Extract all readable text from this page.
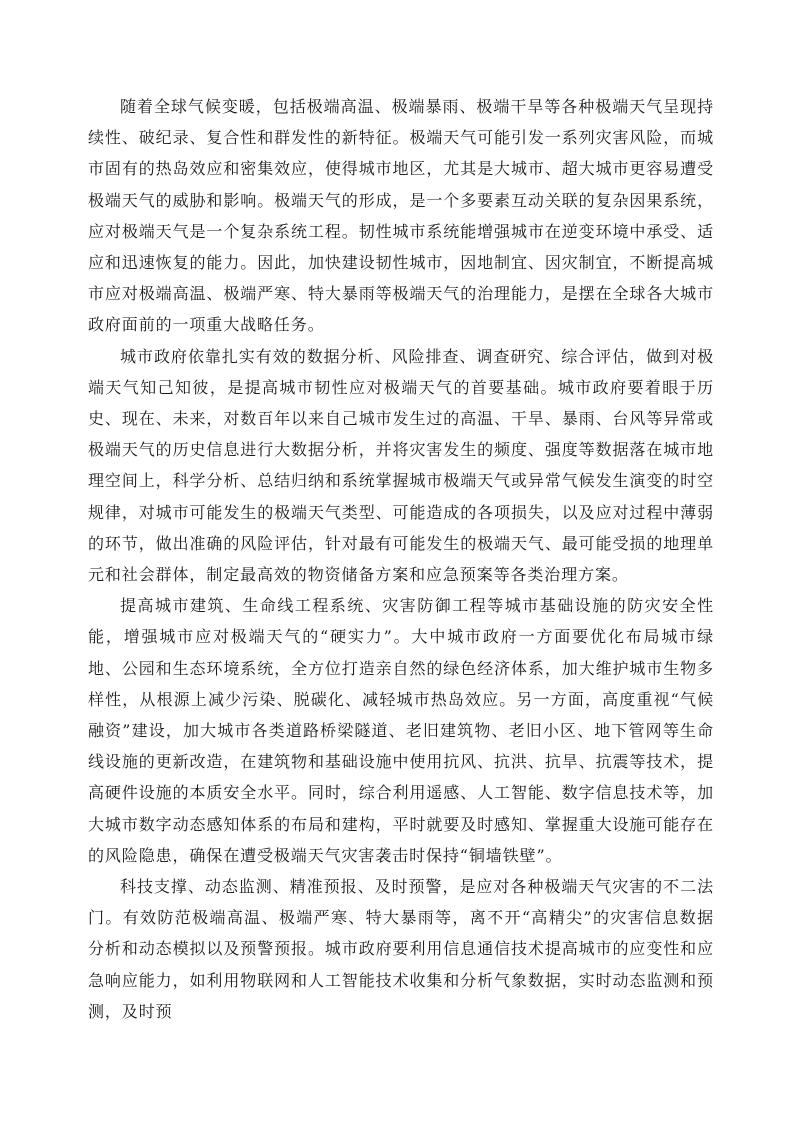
随着全球气候变暖，包括极端高温、极端暴雨、极端干旱等各种极端天气呈现持续性、破纪录、复合性和群发性的新特征。极端天气可能引发一系列灾害风险，而城市固有的热岛效应和密集效应，使得城市地区，尤其是大城市、超大城市更容易遭受极端天气的威胁和影响。极端天气的形成，是一个多要素互动关联的复杂因果系统，应对极端天气是一个复杂系统工程。韧性城市系统能增强城市在逆变环境中承受、适应和迅速恢复的能力。因此，加快建设韧性城市，因地制宜、因灾制宜，不断提高城市应对极端高温、极端严寒、特大暴雨等极端天气的治理能力，是摆在全球各大城市政府面前的一项重大战略任务。

城市政府依靠扎实有效的数据分析、风险排查、调查研究、综合评估，做到对极端天气知己知彼，是提高城市韧性应对极端天气的首要基础。城市政府要着眼于历史、现在、未来，对数百年以来自己城市发生过的高温、干旱、暴雨、台风等异常或极端天气的历史信息进行大数据分析，并将灾害发生的频度、强度等数据落在城市地理空间上，科学分析、总结归纳和系统掌握城市极端天气或异常气候发生演变的时空规律，对城市可能发生的极端天气类型、可能造成的各项损失，以及应对过程中薄弱的环节，做出准确的风险评估，针对最有可能发生的极端天气、最可能受损的地理单元和社会群体，制定最高效的物资储备方案和应急预案等各类治理方案。

提高城市建筑、生命线工程系统、灾害防御工程等城市基础设施的防灾安全性能，增强城市应对极端天气的“硬实力”。大中城市政府一方面要优化布局城市绿地、公园和生态环境系统，全方位打造亲自然的绿色经济体系，加大维护城市生物多样性，从根源上减少污染、脱碳化、减轻城市热岛效应。另一方面，高度重视“气候融资”建设，加大城市各类道路桥梁隧道、老旧建筑物、老旧小区、地下管网等生命线设施的更新改造，在建筑物和基础设施中使用抗风、抗洪、抗旱、抗震等技术，提高硬件设施的本质安全水平。同时，综合利用遥感、人工智能、数字信息技术等，加大城市数字动态感知体系的布局和建构，平时就要及时感知、掌握重大设施可能存在的风险隐患，确保在遭受极端天气灾害袭击时保持“铜墙铁壁”。

科技支撑、动态监测、精准预报、及时预警，是应对各种极端天气灾害的不二法门。有效防范极端高温、极端严寒、特大暴雨等，离不开“高精尖”的灾害信息数据分析和动态模拟以及预警预报。城市政府要利用信息通信技术提高城市的应变性和应急响应能力，如利用物联网和人工智能技术收集和分析气象数据，实时动态监测和预测，及时预
